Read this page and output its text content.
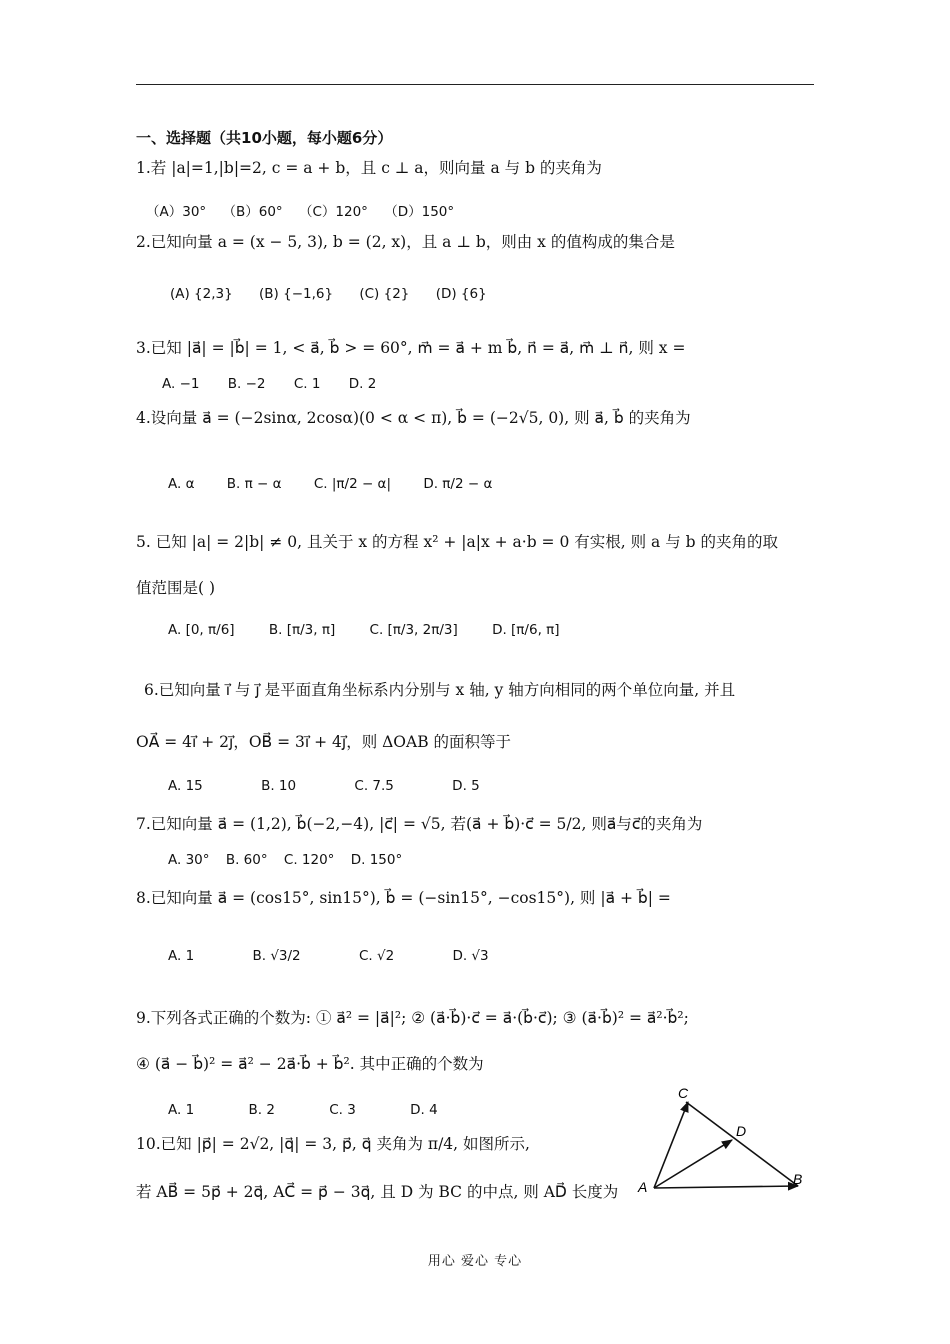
一、选择题（共10小题，每小题6分）
1.若 |a|=1,|b|=2, c = a + b，且 c ⊥ a，则向量 a 与 b 的夹角为
（A）30° （B）60° （C）120° （D）150°
2.已知向量 a = (x − 5, 3), b = (2, x)，且 a ⊥ b，则由 x 的值构成的集合是
(A) {2,3} (B) {−1,6} (C) {2} (D) {6}
3.已知 |a⃗| = |b⃗| = 1, < a⃗, b⃗ > = 60°, m⃗ = a⃗ + m b⃗, n⃗ = a⃗, m⃗ ⊥ n⃗, 则 x =
A. −1 B. −2 C. 1 D. 2
4.设向量 a⃗ = (−2sinα, 2cosα)(0 < α < π), b⃗ = (−2√5, 0), 则 a⃗, b⃗ 的夹角为
A. α B. π − α C. |π/2 − α| D. π/2 − α
5. 已知 |a| = 2|b| ≠ 0, 且关于 x 的方程 x² + |a|x + a·b = 0 有实根, 则 a 与 b 的夹角的取
值范围是( )
A. [0, π/6]	B. [π/3, π]	C. [π/3, 2π/3]	D. [π/6, π]
6.已知向量 i⃗ 与 j⃗ 是平面直角坐标系内分别与 x 轴, y 轴方向相同的两个单位向量, 并且
OA⃗ = 4i⃗ + 2j⃗，OB⃗ = 3i⃗ + 4j⃗，则 ΔOAB 的面积等于
A. 15	B. 10	C. 7.5	D. 5
7.已知向量 a⃗ = (1,2), b⃗(−2,−4), |c⃗| = √5, 若(a⃗ + b⃗)·c⃗ = 5/2, 则a⃗与c⃗的夹角为
A. 30° B. 60° C. 120° D. 150°
8.已知向量 a⃗ = (cos15°, sin15°), b⃗ = (−sin15°, −cos15°), 则 |a⃗ + b⃗| =
A. 1	B. √3/2	C. √2	D. √3
9.下列各式正确的个数为: ① a⃗² = |a⃗|²; ② (a⃗·b⃗)·c⃗ = a⃗·(b⃗·c⃗); ③ (a⃗·b⃗)² = a⃗²·b⃗²;
④ (a⃗ − b⃗)² = a⃗² − 2a⃗·b⃗ + b⃗². 其中正确的个数为
A. 1	B. 2	C. 3	D. 4
10.已知 |p⃗| = 2√2, |q⃗| = 3, p⃗, q⃗ 夹角为 π/4, 如图所示,
若 AB⃗ = 5p⃗ + 2q⃗, AC⃗ = p⃗ − 3q⃗, 且 D 为 BC 的中点, 则 AD⃗ 长度为 A	B
C
D
用心 爱心 专心
